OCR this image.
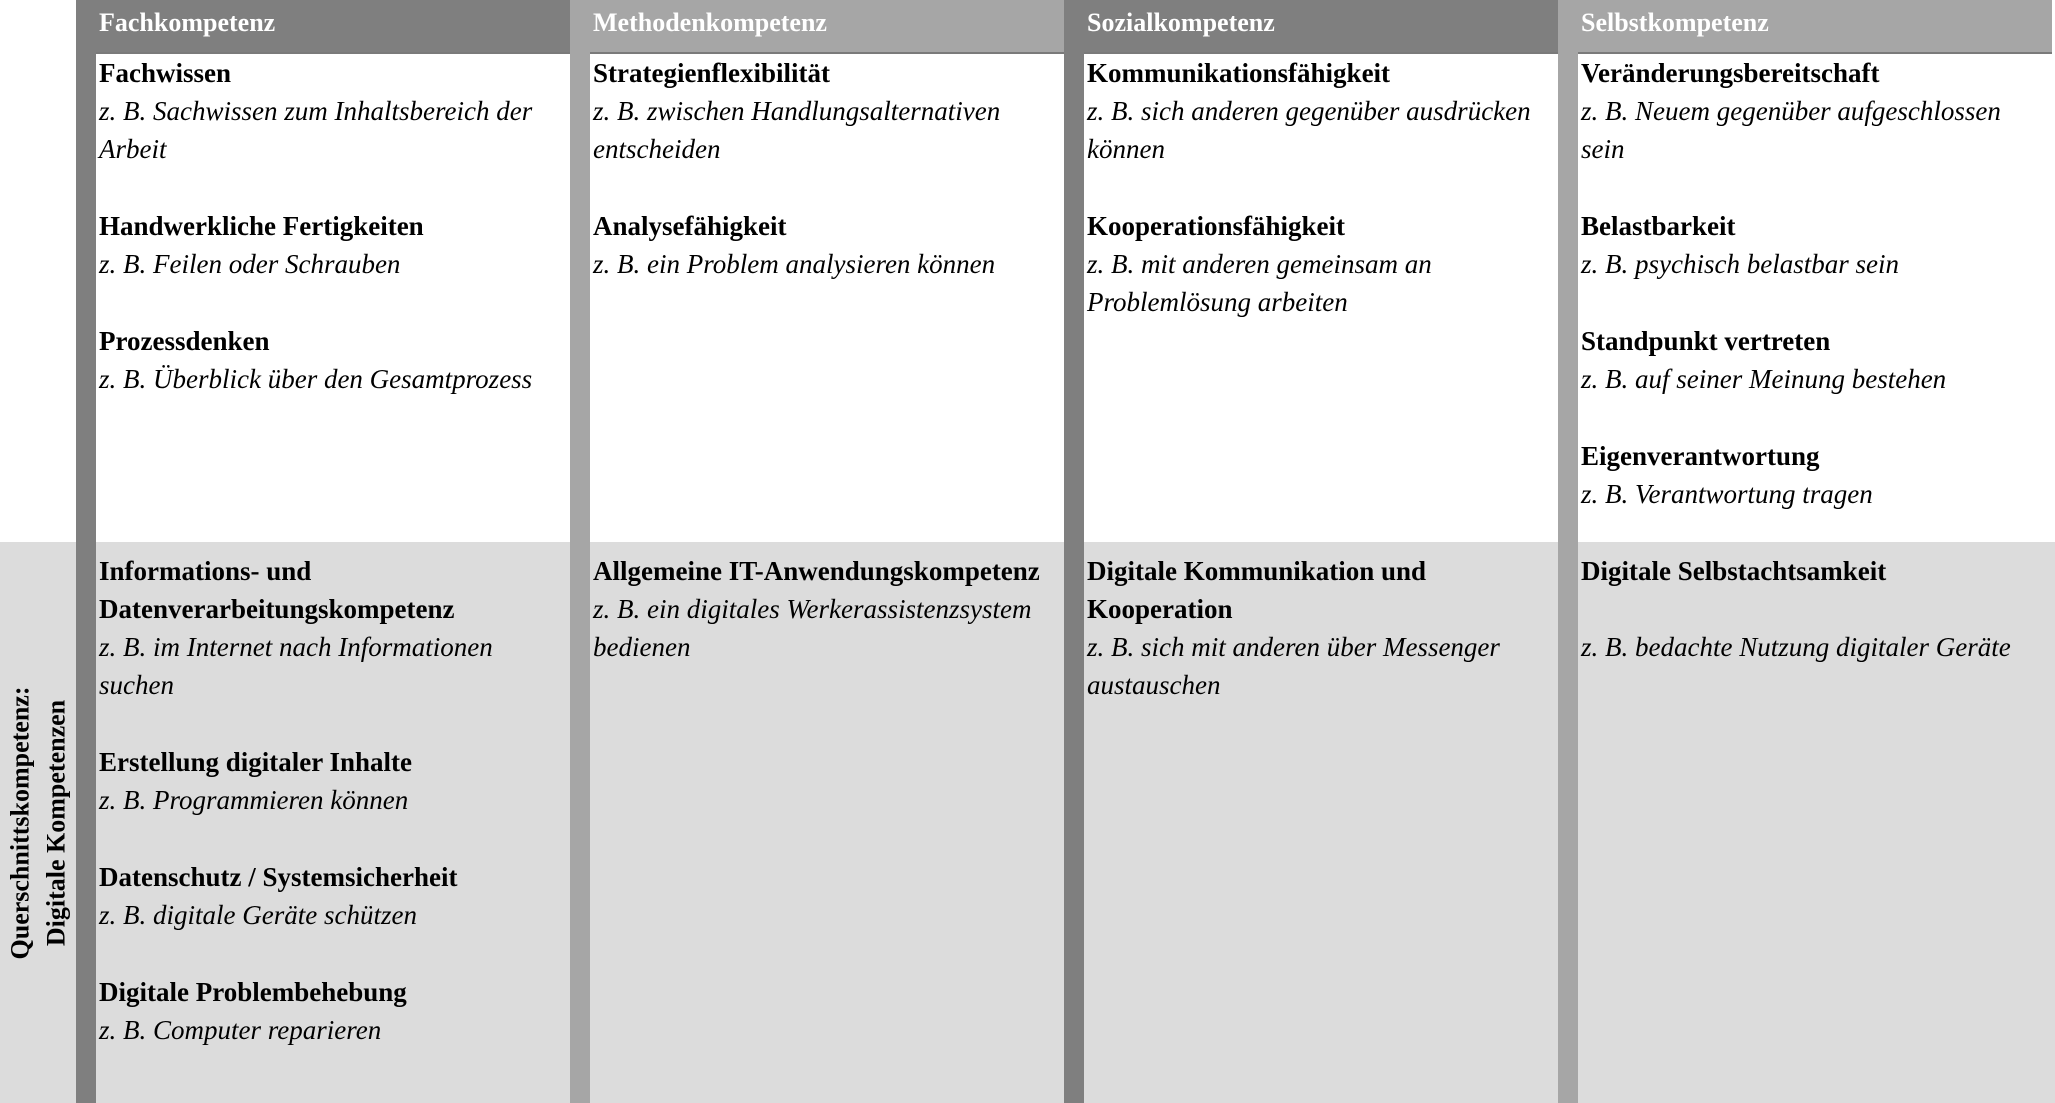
Querschnittskompetenz: Digitale Kompetenzen
Fachkompetenz
Fachwissen
z. B. Sachwissen zum Inhaltsbereich der Arbeit
Handwerkliche Fertigkeiten
z. B. Feilen oder Schrauben
Prozessdenken
z. B. Überblick über den Gesamtprozess
Informations- und Datenverarbeitungskompetenz
z. B. im Internet nach Informationen suchen
Erstellung digitaler Inhalte
z. B. Programmieren können
Datenschutz / Systemsicherheit
z. B. digitale Geräte schützen
Digitale Problembehebung
z. B. Computer reparieren
Methodenkompetenz
Strategienflexibilität
z. B. zwischen Handlungsalternativen entscheiden
Analysefähigkeit
z. B. ein Problem analysieren können
Allgemeine IT-Anwendungskompetenz
z. B. ein digitales Werkerassistenzsystem bedienen
Sozialkompetenz
Kommunikationsfähigkeit
z. B. sich anderen gegenüber ausdrücken können
Kooperationsfähigkeit
z. B. mit anderen gemeinsam an Problemlösung arbeiten
Digitale Kommunikation und Kooperation
z. B. sich mit anderen über Messenger austauschen
Selbstkompetenz
Veränderungsbereitschaft
z. B. Neuem gegenüber aufgeschlossen sein
Belastbarkeit
z. B. psychisch belastbar sein
Standpunkt vertreten
z. B. auf seiner Meinung bestehen
Eigenverantwortung
z. B. Verantwortung tragen
Digitale Selbstachtsamkeit
z. B. bedachte Nutzung digitaler Geräte
